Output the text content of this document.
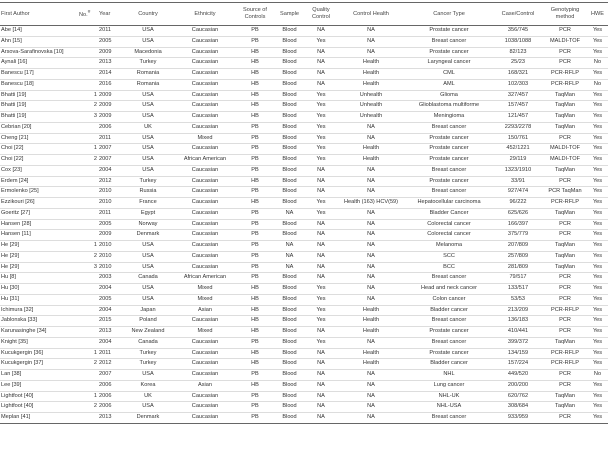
First Author	No.#	Year	Country	Ethnicity	Source of Controls	Sample	Quality Control	Control Health	Cancer Type	Case/Control	Genotyping method	HWE
Abe [14]		2011	USA	Caucasian	PB	Blood	NA	NA	Prostate cancer	356/745	PCR	Yes
Ahn [15]		2005	USA	Caucasian	PB	Blood	Yes	NA	Breast cancer	1038/1088	MALDI-TOF	Yes
Arsova-Sarafinovska [10]		2009	Macedonia	Caucasian	HB	Blood	NA	NA	Prostate cancer	82/123	PCR	Yes
Aynali [16]		2013	Turkey	Caucasian	HB	Blood	NA	Health	Laryngeal cancer	25/23	PCR	No
Banescu [17]		2014	Romania	Caucasian	HB	Blood	NA	Health	CML	168/321	PCR-RFLP	Yes
Banescu [18]		2016	Romania	Caucasian	HB	Blood	NA	Health	AML	102/303	PCR-RFLP	No
Bhatti [19]	1	2009	USA	Caucasian	HB	Blood	Yes	Unhealth	Glioma	327/457	TaqMan	Yes
Bhatti [19]	2	2009	USA	Caucasian	HB	Blood	Yes	Unhealth	Glioblastoma multiforme	157/457	TaqMan	Yes
Bhatti [19]	3	2009	USA	Caucasian	HB	Blood	Yes	Unhealth	Meningioma	121/457	TaqMan	Yes
Cebrian [20]		2006	UK	Caucasian	PB	Blood	Yes	NA	Breast cancer	2293/2278	TaqMan	Yes
Cheng [21]		2011	USA	Mixed	PB	Blood	Yes	NA	Prostate cancer	150/761	PCR	Yes
Choi [22]	1	2007	USA	Caucasian	PB	Blood	Yes	Health	Prostate cancer	452/1221	MALDI-TOF	Yes
Choi [22]	2	2007	USA	African American	PB	Blood	Yes	Health	Prostate cancer	29/119	MALDI-TOF	Yes
Cox [23]		2004	USA	Caucasian	PB	Blood	NA	NA	Breast cancer	1323/1910	TaqMan	Yes
Erdem [24]		2012	Turkey	Caucasian	HB	Blood	NA	NA	Prostate cancer	33/91	PCR	Yes
Ermolenko [25]		2010	Russia	Caucasian	PB	Blood	NA	NA	Breast cancer	927/474	PCR TaqMan	Yes
Ezzikouri [26]		2010	France	Caucasian	HB	Blood	Yes	Health (163) HCV(59)	Hepatocellular carcinoma	96/222	PCR-RFLP	Yes
Goeritz [27]		2011	Egypt	Caucasian	PB	NA	Yes	NA	Bladder Cancer	625/626	TaqMan	Yes
Hansen [28]		2005	Norway	Caucasian	PB	Blood	NA	NA	Colorectal cancer	166/397	PCR	Yes
Hansen [11]		2009	Denmark	Caucasian	PB	Blood	NA	NA	Colorectal cancer	375/779	PCR	Yes
He [29]	1	2010	USA	Caucasian	PB	NA	NA	NA	Melanoma	207/809	TaqMan	Yes
He [29]	2	2010	USA	Caucasian	PB	NA	NA	NA	SCC	257/809	TaqMan	Yes
He [29]	3	2010	USA	Caucasian	PB	NA	NA	NA	BCC	281/809	TaqMan	Yes
Hu [8]		2003	Canada	African American	PB	Blood	NA	NA	Breast cancer	79/517	PCR	Yes
Hu [30]		2004	USA	Mixed	HB	Blood	Yes	NA	Head and neck cancer	133/517	PCR	Yes
Hu [31]		2005	USA	Mixed	HB	Blood	Yes	NA	Colon cancer	53/53	PCR	Yes
Ichimura [32]		2004	Japan	Asian	HB	Blood	Yes	Health	Bladder cancer	213/209	PCR-RFLP	Yes
Jablonska [33]		2015	Poland	Caucasian	HB	Blood	Yes	Health	Breast cancer	136/183	PCR	Yes
Karunasinghe [34]		2013	New Zealand	Mixed	HB	Blood	NA	Health	Prostate cancer	410/441	PCR	Yes
Knight [35]		2004	Canada	Caucasian	PB	Blood	Yes	NA	Breast cancer	399/372	TaqMan	Yes
Kucukgergin [36]	1	2011	Turkey	Caucasian	HB	Blood	NA	Health	Prostate cancer	134/159	PCR-RFLP	Yes
Kucukgergin [37]	2	2012	Turkey	Caucasian	HB	Blood	NA	Health	Bladder cancer	157/224	PCR-RFLP	Yes
Lan [38]		2007	USA	Caucasian	PB	Blood	NA	NA	NHL	449/520	PCR	No
Lee [39]		2006	Korea	Asian	HB	Blood	NA	NA	Lung cancer	200/200	PCR	Yes
Lightfoot [40]	1	2006	UK	Caucasian	PB	Blood	NA	NA	NHL-UK	620/762	TaqMan	Yes
Lightfoot [40]	2	2006	USA	Caucasian	PB	Blood	NA	NA	NHL-USA	308/684	TaqMan	Yes
Meplan [41]		2013	Denmark	Caucasian	PB	Blood	NA	NA	Breast cancer	933/959	PCR	Yes
